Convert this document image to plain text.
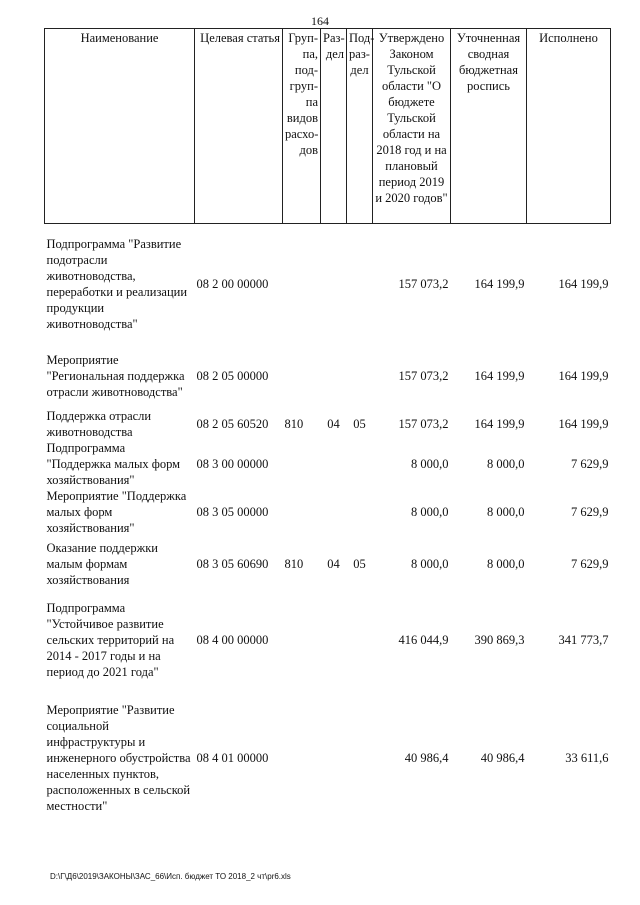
164
Наименование	Целевая статья	Груп-па, под-груп-па видов расхо-дов	Раз-дел	Под-раз-дел	Утверждено Законом Тульской области "О бюджете Тульской области на 2018 год и на плановый период 2019 и 2020 годов"	Уточненная сводная бюджетная роспись	Исполнено
Подпрограмма "Развитие подотрасли животноводства, переработки и реализации продукции животноводства"	08 2 00 00000				157 073,2	164 199,9	164 199,9
Мероприятие "Региональная поддержка отрасли животноводства"	08 2 05 00000				157 073,2	164 199,9	164 199,9
Поддержка отрасли животноводства	08 2 05 60520	810	04	05	157 073,2	164 199,9	164 199,9
Подпрограмма "Поддержка малых форм хозяйствования"	08 3 00 00000				8 000,0	8 000,0	7 629,9
Мероприятие "Поддержка малых форм хозяйствования"	08 3 05 00000				8 000,0	8 000,0	7 629,9
Оказание поддержки малым формам хозяйствования	08 3 05 60690	810	04	05	8 000,0	8 000,0	7 629,9
Подпрограмма "Устойчивое развитие сельских территорий на 2014 - 2017 годы и на период до 2021 года"	08 4 00 00000				416 044,9	390 869,3	341 773,7
Мероприятие "Развитие социальной инфраструктуры и инженерного обустройства населенных пунктов, расположенных в сельской местности"	08 4 01 00000				40 986,4	40 986,4	33 611,6
D:\Г\Д6\2019\ЗАКОНЫ\ЗАС_66\Исп. бюджет ТО 2018_2 чт\pr6.xls
